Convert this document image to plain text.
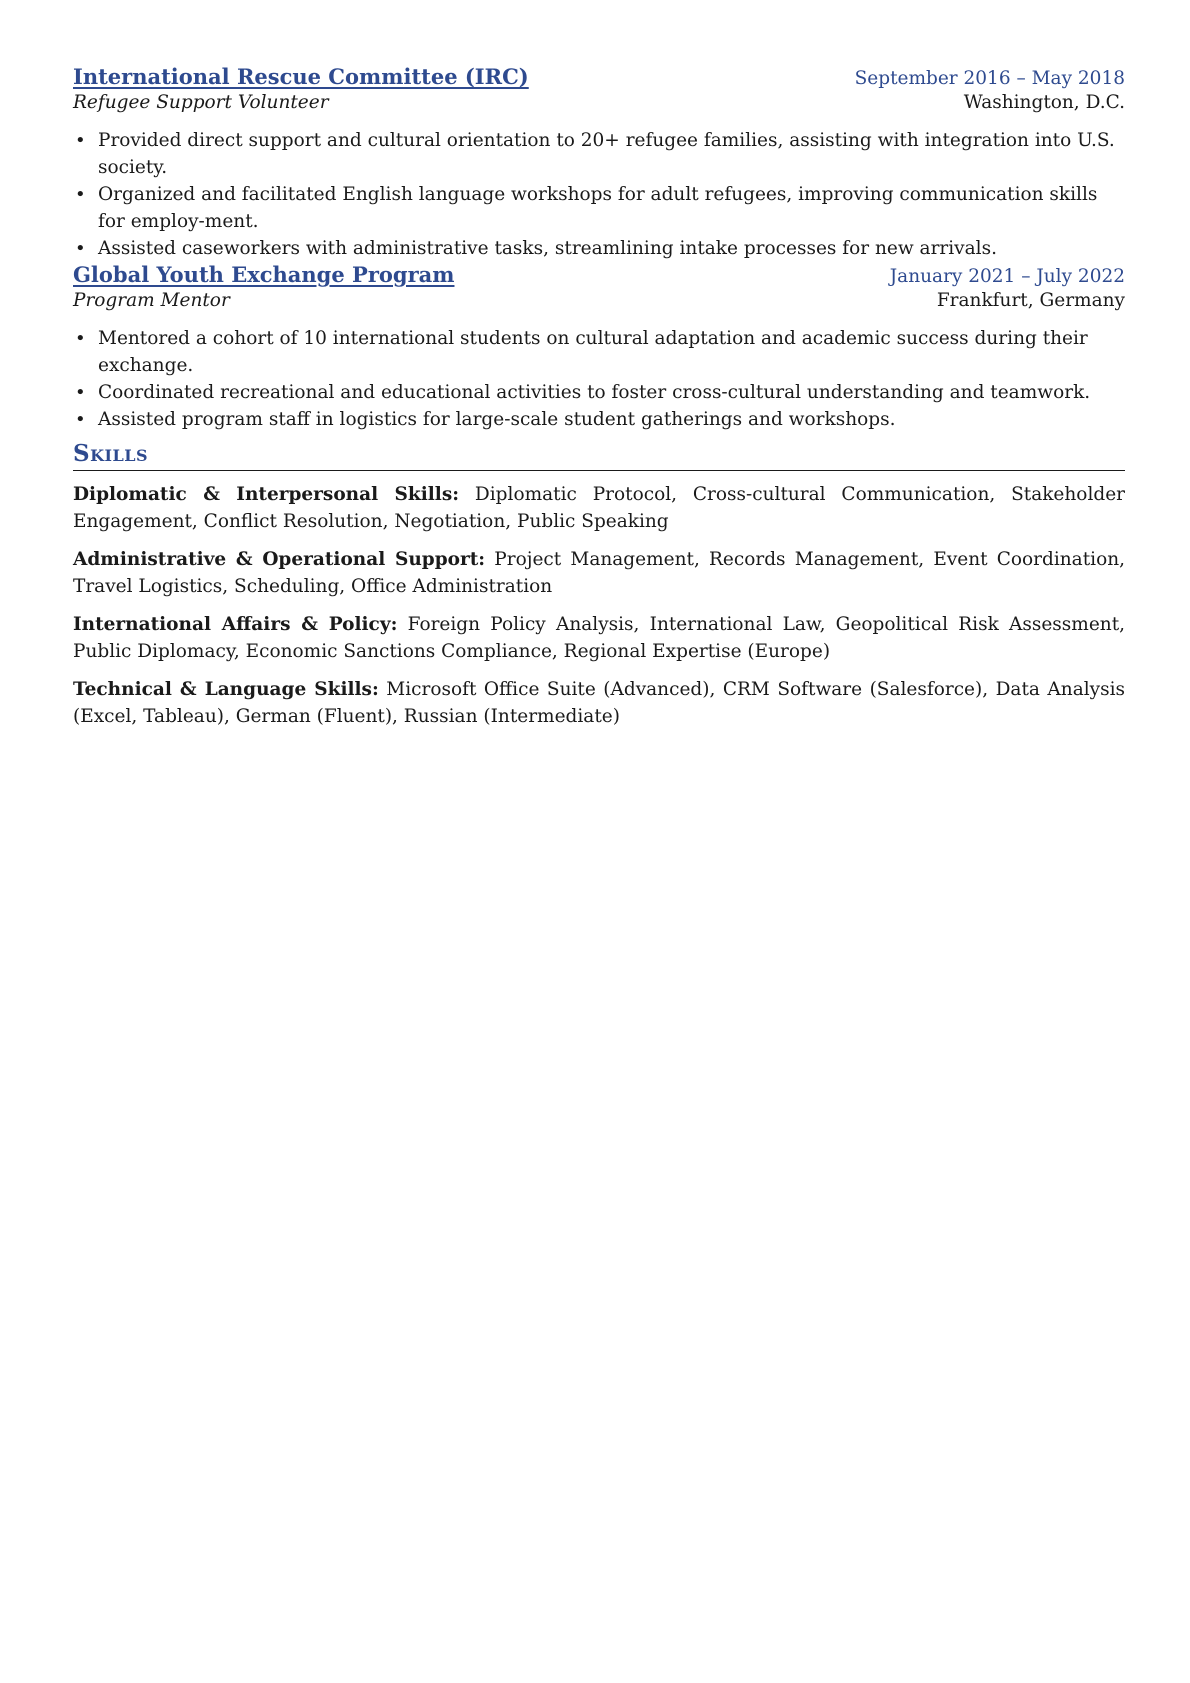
International Rescue Committee (IRC)	September 2016 – May 2018
Refugee Support Volunteer	Washington, D.C.
• Provided direct support and cultural orientation to 20+ refugee families, assisting with integration into U.S. society.
• Organized and facilitated English language workshops for adult refugees, improving communication skills for employ-ment.
• Assisted caseworkers with administrative tasks, streamlining intake processes for new arrivals.
Global Youth Exchange Program	January 2021 – July 2022
Program Mentor	Frankfurt, Germany
• Mentored a cohort of 10 international students on cultural adaptation and academic success during their exchange.
• Coordinated recreational and educational activities to foster cross-cultural understanding and teamwork.
• Assisted program staff in logistics for large-scale student gatherings and workshops.
Skills
Diplomatic & Interpersonal Skills: Diplomatic Protocol, Cross-cultural Communication, Stakeholder Engagement, Conflict Resolution, Negotiation, Public Speaking
Administrative & Operational Support: Project Management, Records Management, Event Coordination, Travel Logistics, Scheduling, Office Administration
International Affairs & Policy: Foreign Policy Analysis, International Law, Geopolitical Risk Assessment, Public Diplomacy, Economic Sanctions Compliance, Regional Expertise (Europe)
Technical & Language Skills: Microsoft Office Suite (Advanced), CRM Software (Salesforce), Data Analysis (Excel, Tableau), German (Fluent), Russian (Intermediate)
